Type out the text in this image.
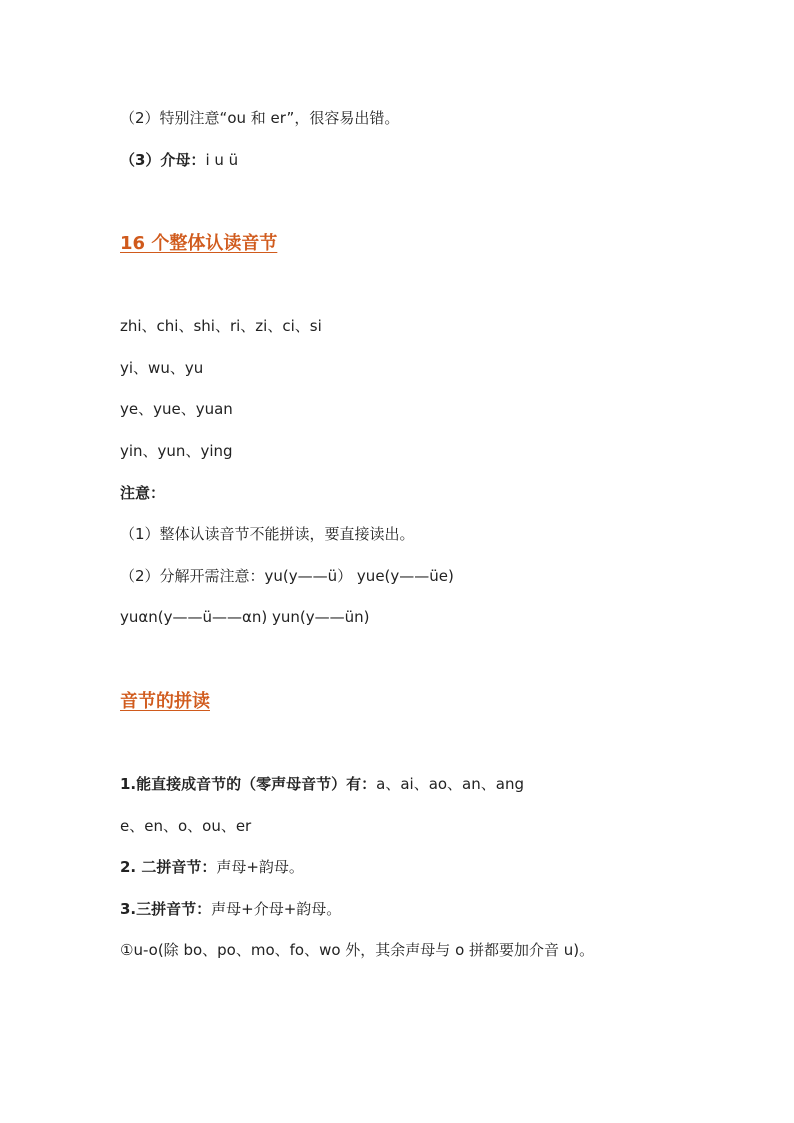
（2）特别注意“ou 和 er”，很容易出错。
（3）介母：i u ü
16 个整体认读音节
zhi、chi、shi、ri、zi、ci、si
yi、wu、yu
ye、yue、yuan
yin、yun、ying
注意：
（1）整体认读音节不能拼读，要直接读出。
（2）分解开需注意：yu(y——ü） yue(y——üe)
yuαn(y——ü——αn) yun(y——ün)
音节的拼读
1.能直接成音节的（零声母音节）有：a、ai、ao、an、ang
e、en、o、ou、er
2. 二拼音节：声母+韵母。
3.三拼音节：声母+介母+韵母。
①u-o(除 bo、po、mo、fo、wo 外，其余声母与 o 拼都要加介音 u)。
